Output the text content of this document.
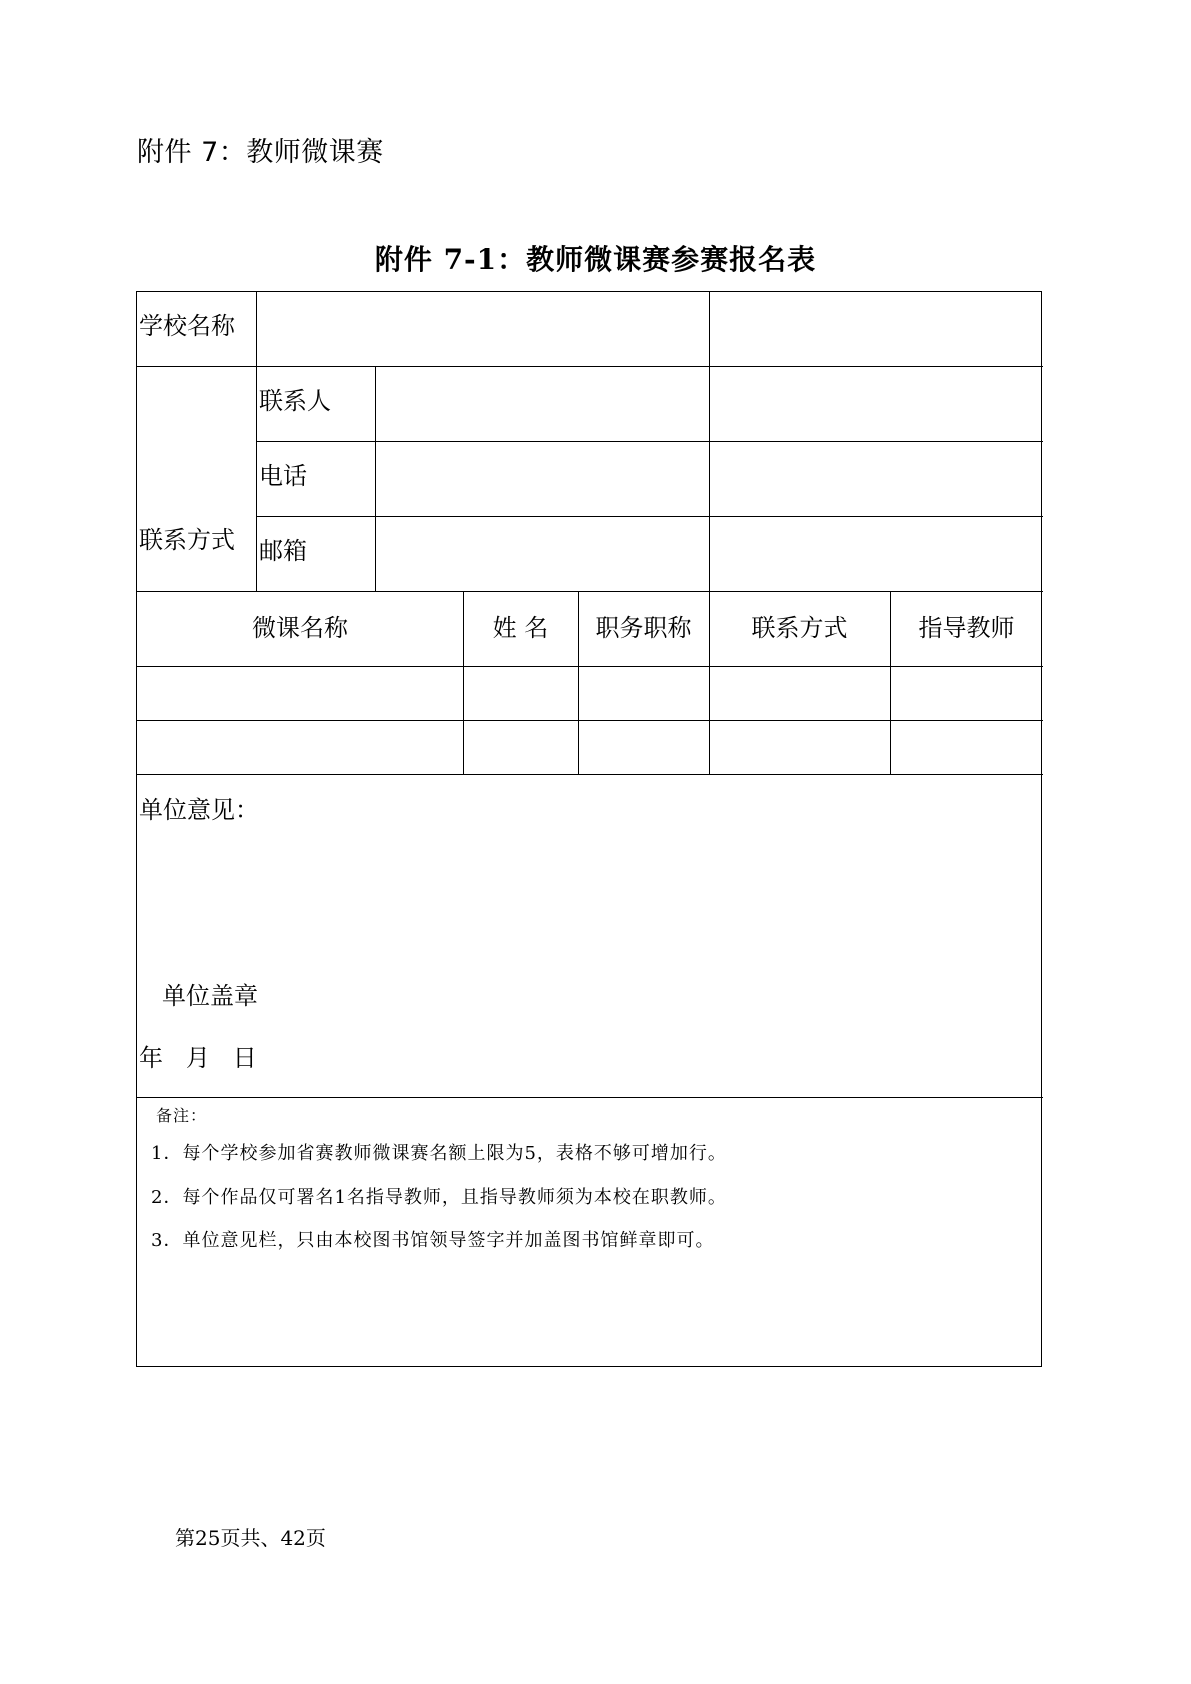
附件 7：教师微课赛
附件 7-1：教师微课赛参赛报名表
学校名称
联系方式
联系人
电话
邮箱
微课名称	姓 名	职务职称	联系方式	指导教师
单位意见：
单位盖章
年   月   日
备注：
1．每个学校参加省赛教师微课赛名额上限为5，表格不够可增加行。
2．每个作品仅可署名1名指导教师，且指导教师须为本校在职教师。
3．单位意见栏，只由本校图书馆领导签字并加盖图书馆鲜章即可。
第25页共、42页
